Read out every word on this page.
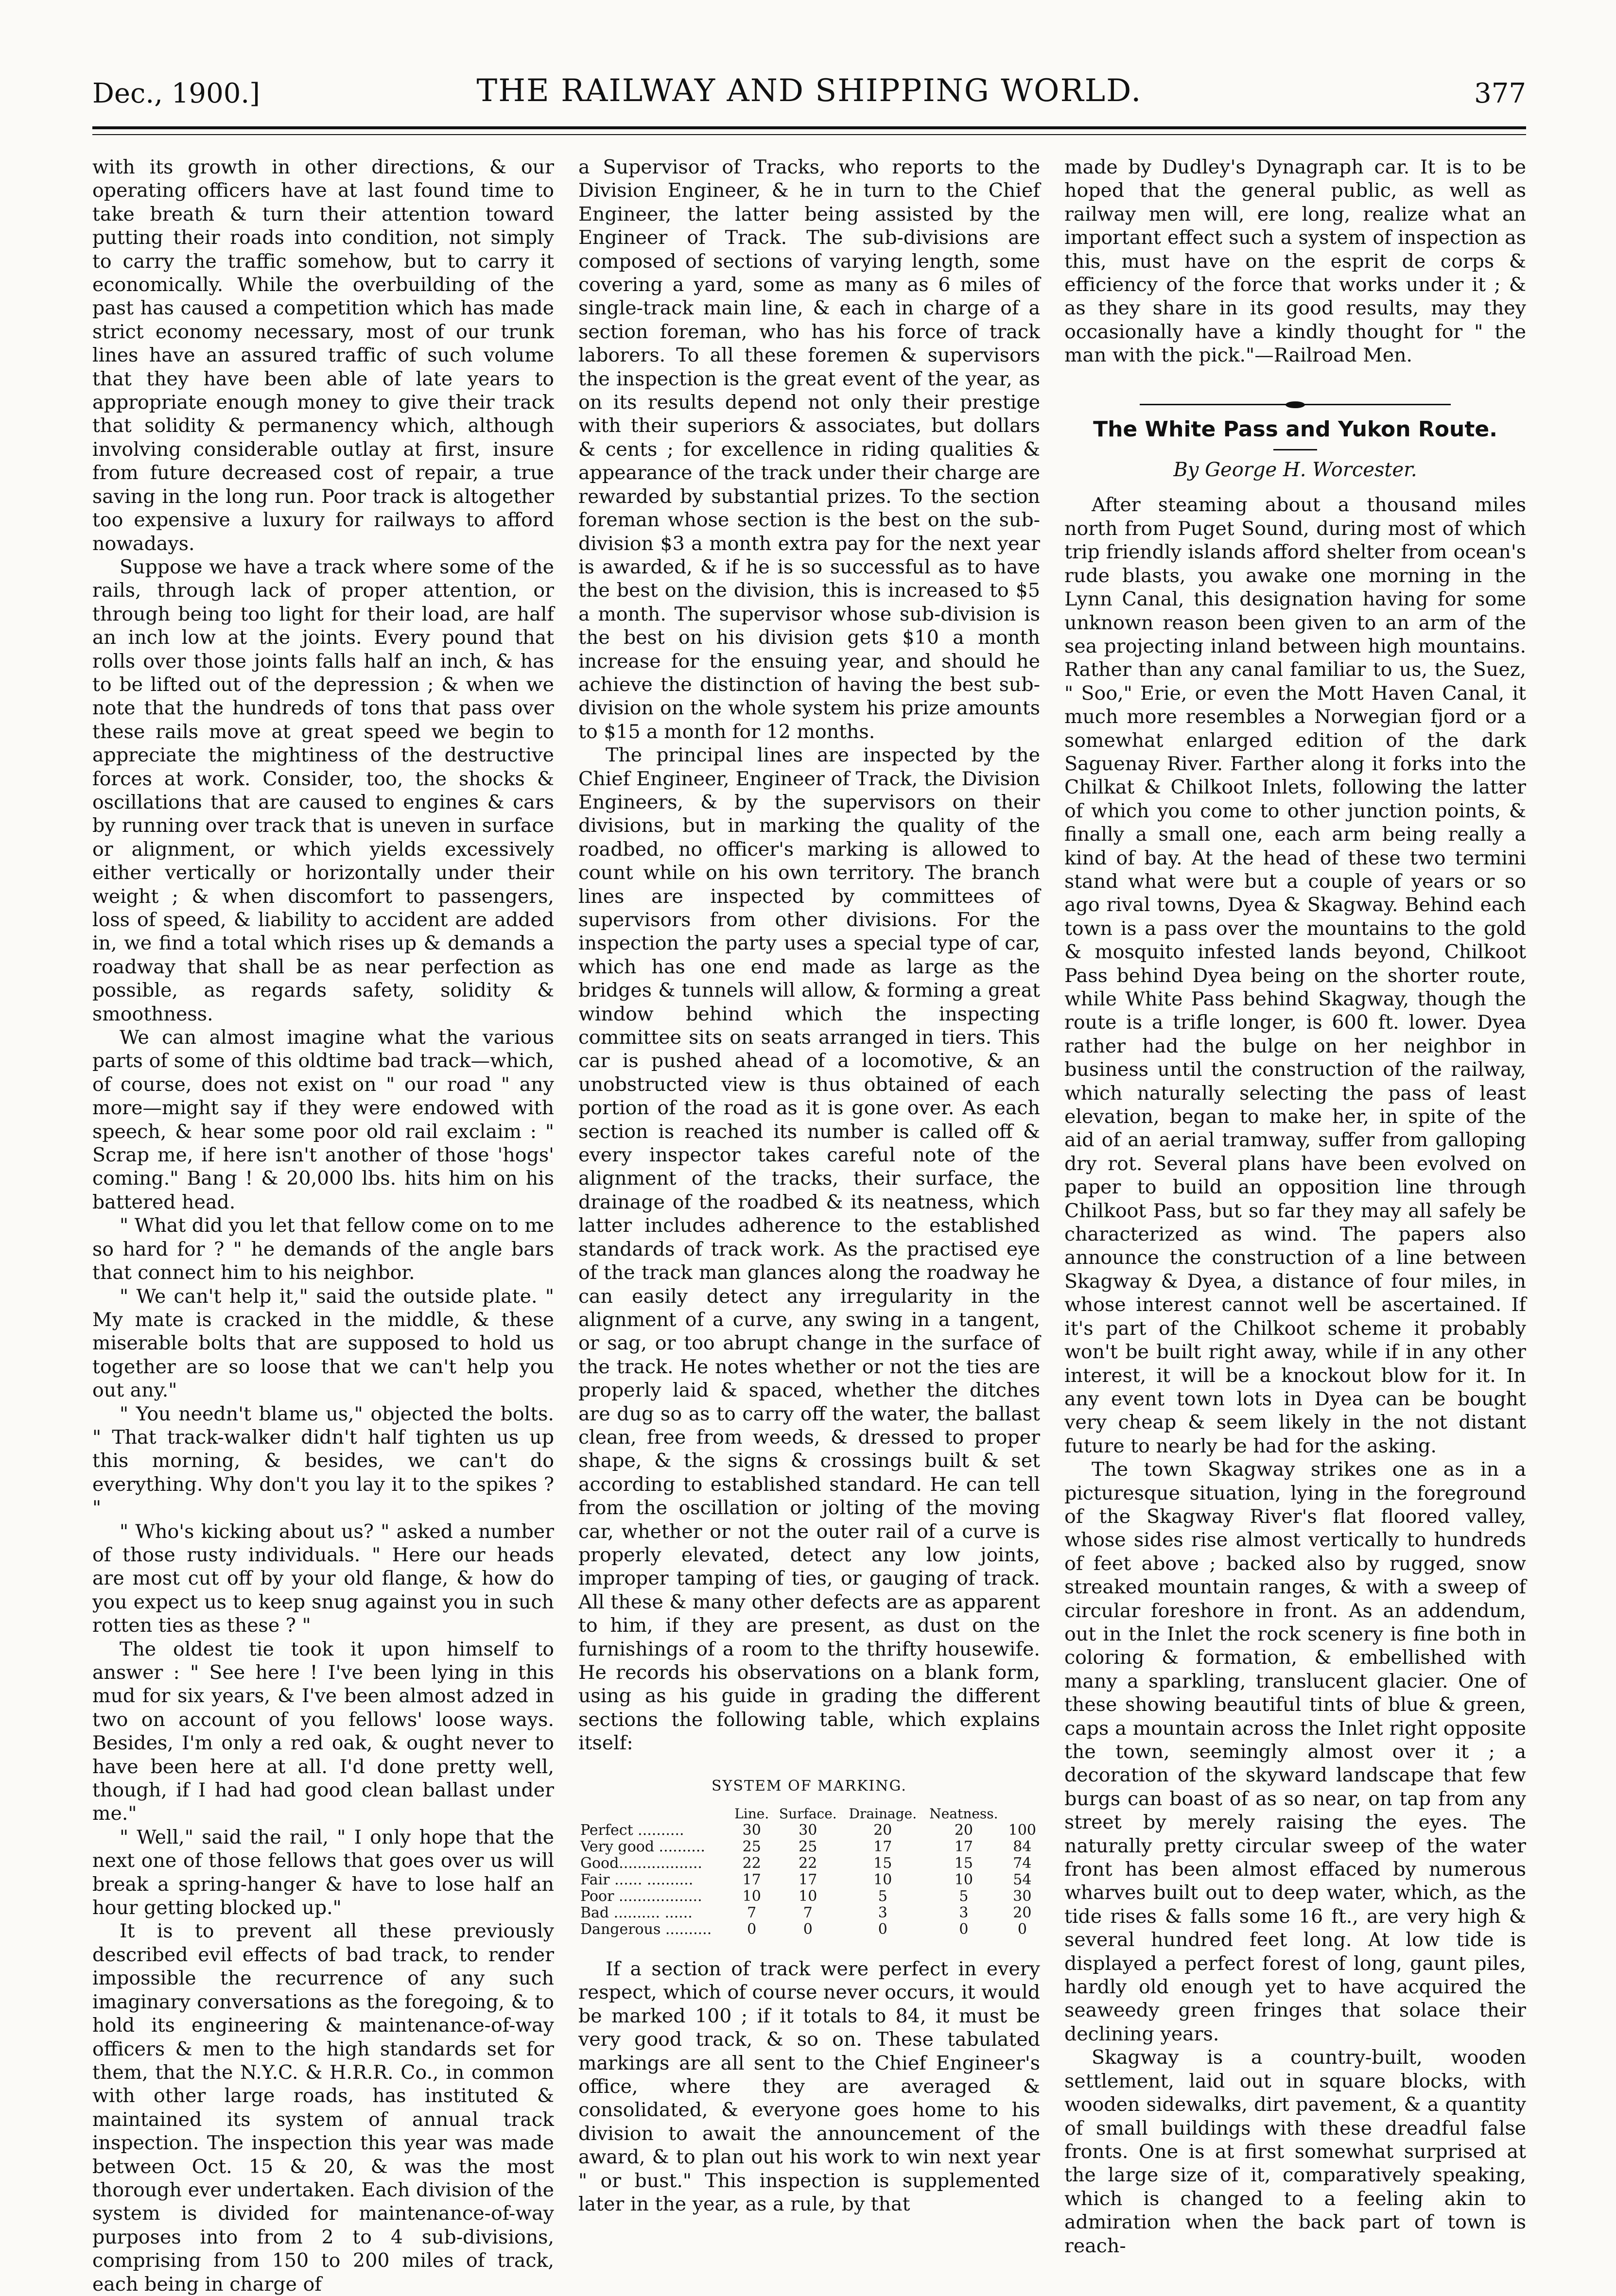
Dec., 1900.]	THE RAILWAY AND SHIPPING WORLD.	377

with its growth in other directions, & our operating officers have at last found time to take breath & turn their attention toward putting their roads into condition, not simply to carry the traffic somehow, but to carry it economically. While the overbuilding of the past has caused a competition which has made strict economy necessary, most of our trunk lines have an assured traffic of such volume that they have been able of late years to appropriate enough money to give their track that solidity & permanency which, although involving considerable outlay at first, insure from future decreased cost of repair, a true saving in the long run. Poor track is altogether too expensive a luxury for railways to afford nowadays.

Suppose we have a track where some of the rails, through lack of proper attention, or through being too light for their load, are half an inch low at the joints. Every pound that rolls over those joints falls half an inch, & has to be lifted out of the depression ; & when we note that the hundreds of tons that pass over these rails move at great speed we begin to appreciate the mightiness of the destructive forces at work. Consider, too, the shocks & oscillations that are caused to engines & cars by running over track that is uneven in surface or alignment, or which yields excessively either vertically or horizontally under their weight ; & when discomfort to passengers, loss of speed, & liability to accident are added in, we find a total which rises up & demands a roadway that shall be as near perfection as possible, as regards safety, solidity & smoothness.

We can almost imagine what the various parts of some of this oldtime bad track—which, of course, does not exist on " our road " any more—might say if they were endowed with speech, & hear some poor old rail exclaim : " Scrap me, if here isn't another of those 'hogs' coming." Bang ! & 20,000 lbs. hits him on his battered head.

" What did you let that fellow come on to me so hard for ? " he demands of the angle bars that connect him to his neighbor.

" We can't help it," said the outside plate. " My mate is cracked in the middle, & these miserable bolts that are supposed to hold us together are so loose that we can't help you out any."

" You needn't blame us," objected the bolts. " That track-walker didn't half tighten us up this morning, & besides, we can't do everything. Why don't you lay it to the spikes ? "

" Who's kicking about us? " asked a number of those rusty individuals. " Here our heads are most cut off by your old flange, & how do you expect us to keep snug against you in such rotten ties as these ? "

The oldest tie took it upon himself to answer : " See here ! I've been lying in this mud for six years, & I've been almost adzed in two on account of you fellows' loose ways. Besides, I'm only a red oak, & ought never to have been here at all. I'd done pretty well, though, if I had had good clean ballast under me."

" Well," said the rail, " I only hope that the next one of those fellows that goes over us will break a spring-hanger & have to lose half an hour getting blocked up."

It is to prevent all these previously described evil effects of bad track, to render impossible the recurrence of any such imaginary conversations as the foregoing, & to hold its engineering & maintenance-of-way officers & men to the high standards set for them, that the N.Y.C. & H.R.R. Co., in common with other large roads, has instituted & maintained its system of annual track inspection. The inspection this year was made between Oct. 15 & 20, & was the most thorough ever undertaken. Each division of the system is divided for maintenance-of-way purposes into from 2 to 4 sub-divisions, comprising from 150 to 200 miles of track, each being in charge of

a Supervisor of Tracks, who reports to the Division Engineer, & he in turn to the Chief Engineer, the latter being assisted by the Engineer of Track. The sub-divisions are composed of sections of varying length, some covering a yard, some as many as 6 miles of single-track main line, & each in charge of a section foreman, who has his force of track laborers. To all these foremen & supervisors the inspection is the great event of the year, as on its results depend not only their prestige with their superiors & associates, but dollars & cents ; for excellence in riding qualities & appearance of the track under their charge are rewarded by substantial prizes. To the section foreman whose section is the best on the sub-division $3 a month extra pay for the next year is awarded, & if he is so successful as to have the best on the division, this is increased to $5 a month. The supervisor whose sub-division is the best on his division gets $10 a month increase for the ensuing year, and should he achieve the distinction of having the best sub-division on the whole system his prize amounts to $15 a month for 12 months.

The principal lines are inspected by the Chief Engineer, Engineer of Track, the Division Engineers, & by the supervisors on their divisions, but in marking the quality of the roadbed, no officer's marking is allowed to count while on his own territory. The branch lines are inspected by committees of supervisors from other divisions. For the inspection the party uses a special type of car, which has one end made as large as the bridges & tunnels will allow, & forming a great window behind which the inspecting committee sits on seats arranged in tiers. This car is pushed ahead of a locomotive, & an unobstructed view is thus obtained of each portion of the road as it is gone over. As each section is reached its number is called off & every inspector takes careful note of the alignment of the tracks, their surface, the drainage of the roadbed & its neatness, which latter includes adherence to the established standards of track work. As the practised eye of the track man glances along the roadway he can easily detect any irregularity in the alignment of a curve, any swing in a tangent, or sag, or too abrupt change in the surface of the track. He notes whether or not the ties are properly laid & spaced, whether the ditches are dug so as to carry off the water, the ballast clean, free from weeds, & dressed to proper shape, & the signs & crossings built & set according to established standard. He can tell from the oscillation or jolting of the moving car, whether or not the outer rail of a curve is properly elevated, detect any low joints, improper tamping of ties, or gauging of track. All these & many other defects are as apparent to him, if they are present, as dust on the furnishings of a room to the thrifty housewife. He records his observations on a blank form, using as his guide in grading the different sections the following table, which explains itself:

SYSTEM OF MARKING.
	Line.	Surface.	Drainage.	Neatness.	
Perfect ..........	30	30	20	20	100
Very good ..........	25	25	17	17	84
Good..................	22	22	15	15	74
Fair ...... ..........	17	17	10	10	54
Poor ..................	10	10	5	5	30
Bad .......... ......	7	7	3	3	20
Dangerous ..........	0	0	0	0	0

If a section of track were perfect in every respect, which of course never occurs, it would be marked 100 ; if it totals to 84, it must be very good track, & so on. These tabulated markings are all sent to the Chief Engineer's office, where they are averaged & consolidated, & everyone goes home to his division to await the announcement of the award, & to plan out his work to win next year " or bust." This inspection is supplemented later in the year, as a rule, by that

made by Dudley's Dynagraph car. It is to be hoped that the general public, as well as railway men will, ere long, realize what an important effect such a system of inspection as this, must have on the esprit de corps & efficiency of the force that works under it ; & as they share in its good results, may they occasionally have a kindly thought for " the man with the pick."—Railroad Men.

The White Pass and Yukon Route.
By George H. Worcester.

After steaming about a thousand miles north from Puget Sound, during most of which trip friendly islands afford shelter from ocean's rude blasts, you awake one morning in the Lynn Canal, this designation having for some unknown reason been given to an arm of the sea projecting inland between high mountains. Rather than any canal familiar to us, the Suez, " Soo," Erie, or even the Mott Haven Canal, it much more resembles a Norwegian fjord or a somewhat enlarged edition of the dark Saguenay River. Farther along it forks into the Chilkat & Chilkoot Inlets, following the latter of which you come to other junction points, & finally a small one, each arm being really a kind of bay. At the head of these two termini stand what were but a couple of years or so ago rival towns, Dyea & Skagway. Behind each town is a pass over the mountains to the gold & mosquito infested lands beyond, Chilkoot Pass behind Dyea being on the shorter route, while White Pass behind Skagway, though the route is a trifle longer, is 600 ft. lower. Dyea rather had the bulge on her neighbor in business until the construction of the railway, which naturally selecting the pass of least elevation, began to make her, in spite of the aid of an aerial tramway, suffer from galloping dry rot. Several plans have been evolved on paper to build an opposition line through Chilkoot Pass, but so far they may all safely be characterized as wind. The papers also announce the construction of a line between Skagway & Dyea, a distance of four miles, in whose interest cannot well be ascertained. If it's part of the Chilkoot scheme it probably won't be built right away, while if in any other interest, it will be a knockout blow for it. In any event town lots in Dyea can be bought very cheap & seem likely in the not distant future to nearly be had for the asking.

The town Skagway strikes one as in a picturesque situation, lying in the foreground of the Skagway River's flat floored valley, whose sides rise almost vertically to hundreds of feet above ; backed also by rugged, snow streaked mountain ranges, & with a sweep of circular foreshore in front. As an addendum, out in the Inlet the rock scenery is fine both in coloring & formation, & embellished with many a sparkling, translucent glacier. One of these showing beautiful tints of blue & green, caps a mountain across the Inlet right opposite the town, seemingly almost over it ; a decoration of the skyward landscape that few burgs can boast of as so near, on tap from any street by merely raising the eyes. The naturally pretty circular sweep of the water front has been almost effaced by numerous wharves built out to deep water, which, as the tide rises & falls some 16 ft., are very high & several hundred feet long. At low tide is displayed a perfect forest of long, gaunt piles, hardly old enough yet to have acquired the seaweedy green fringes that solace their declining years.

Skagway is a country-built, wooden settlement, laid out in square blocks, with wooden sidewalks, dirt pavement, & a quantity of small buildings with these dreadful false fronts. One is at first somewhat surprised at the large size of it, comparatively speaking, which is changed to a feeling akin to admiration when the back part of town is reach-
